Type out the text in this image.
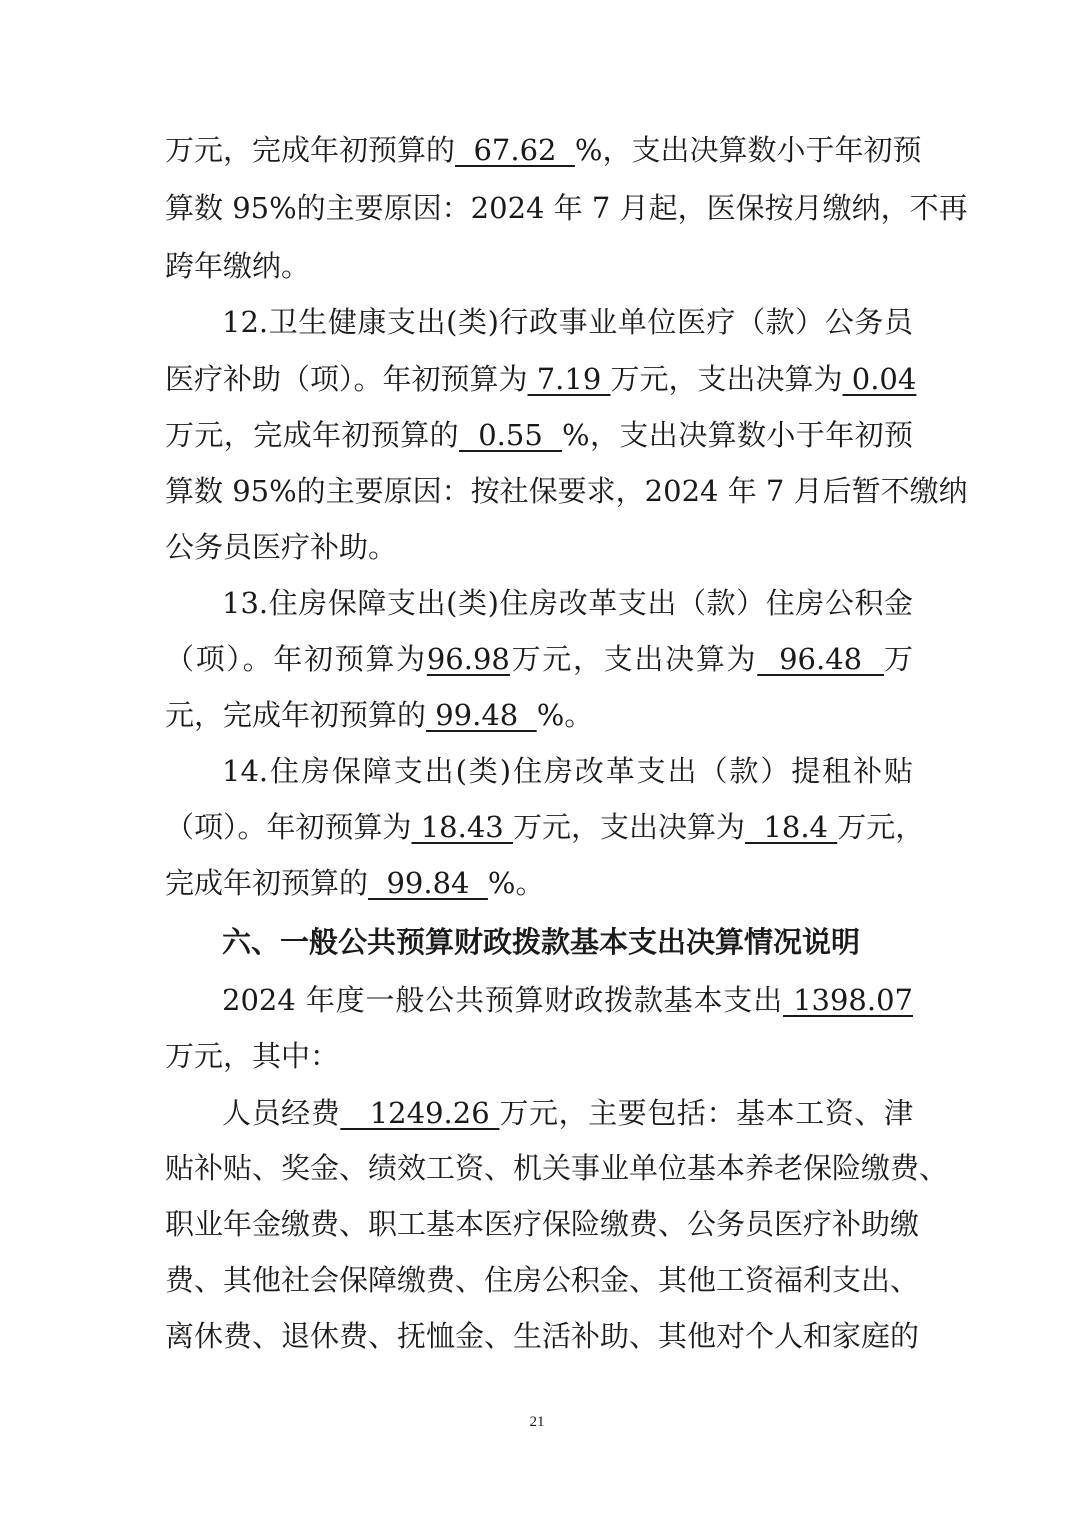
万元，完成年初预算的  67.62  %，支出决算数小于年初预
算数 95%的主要原因：2024 年 7 月起，医保按月缴纳，不再
跨年缴纳。
12.卫生健康支出(类)行政事业单位医疗（款）公务员
医疗补助（项）。年初预算为 7.19 万元，支出决算为 0.04
万元，完成年初预算的  0.55  %，支出决算数小于年初预
算数 95%的主要原因：按社保要求，2024 年 7 月后暂不缴纳
公务员医疗补助。
13.住房保障支出(类)住房改革支出（款）住房公积金
（项）。年初预算为96.98万元，支出决算为  96.48  万
元，完成年初预算的 99.48  %。
14.住房保障支出(类)住房改革支出（款）提租补贴
（项）。年初预算为 18.43 万元，支出决算为  18.4 万元，
完成年初预算的  99.84  %。
六、一般公共预算财政拨款基本支出决算情况说明
2024 年度一般公共预算财政拨款基本支出 1398.07
万元，其中：
人员经费   1249.26 万元，主要包括：基本工资、津
贴补贴、奖金、绩效工资、机关事业单位基本养老保险缴费、
职业年金缴费、职工基本医疗保险缴费、公务员医疗补助缴
费、其他社会保障缴费、住房公积金、其他工资福利支出、
离休费、退休费、抚恤金、生活补助、其他对个人和家庭的
21
